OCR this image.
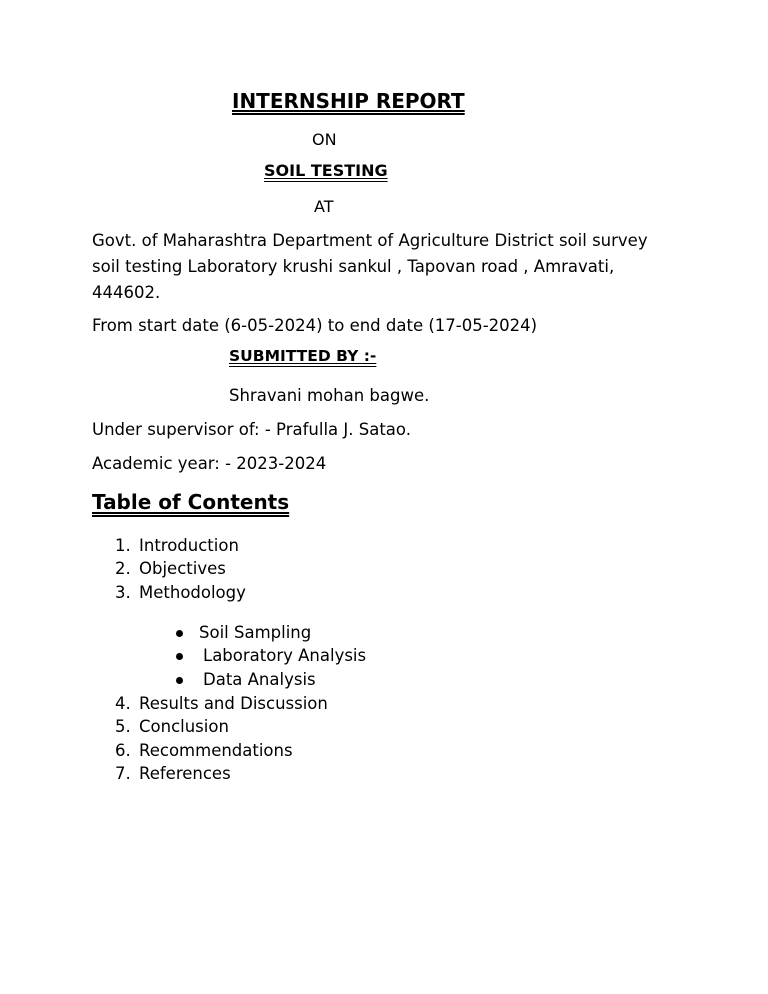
INTERNSHIP REPORT
ON
SOIL TESTING
AT
Govt. of Maharashtra Department of Agriculture District soil survey
soil testing Laboratory krushi sankul , Tapovan road , Amravati,
444602.
From start date (6-05-2024) to end date (17-05-2024)
SUBMITTED BY :-
Shravani mohan bagwe.
Under supervisor of: - Prafulla J. Satao.
Academic year: - 2023-2024
Table of Contents
1. Introduction
2. Objectives
3. Methodology
Soil Sampling
Laboratory Analysis
Data Analysis
4. Results and Discussion
5. Conclusion
6. Recommendations
7. References
